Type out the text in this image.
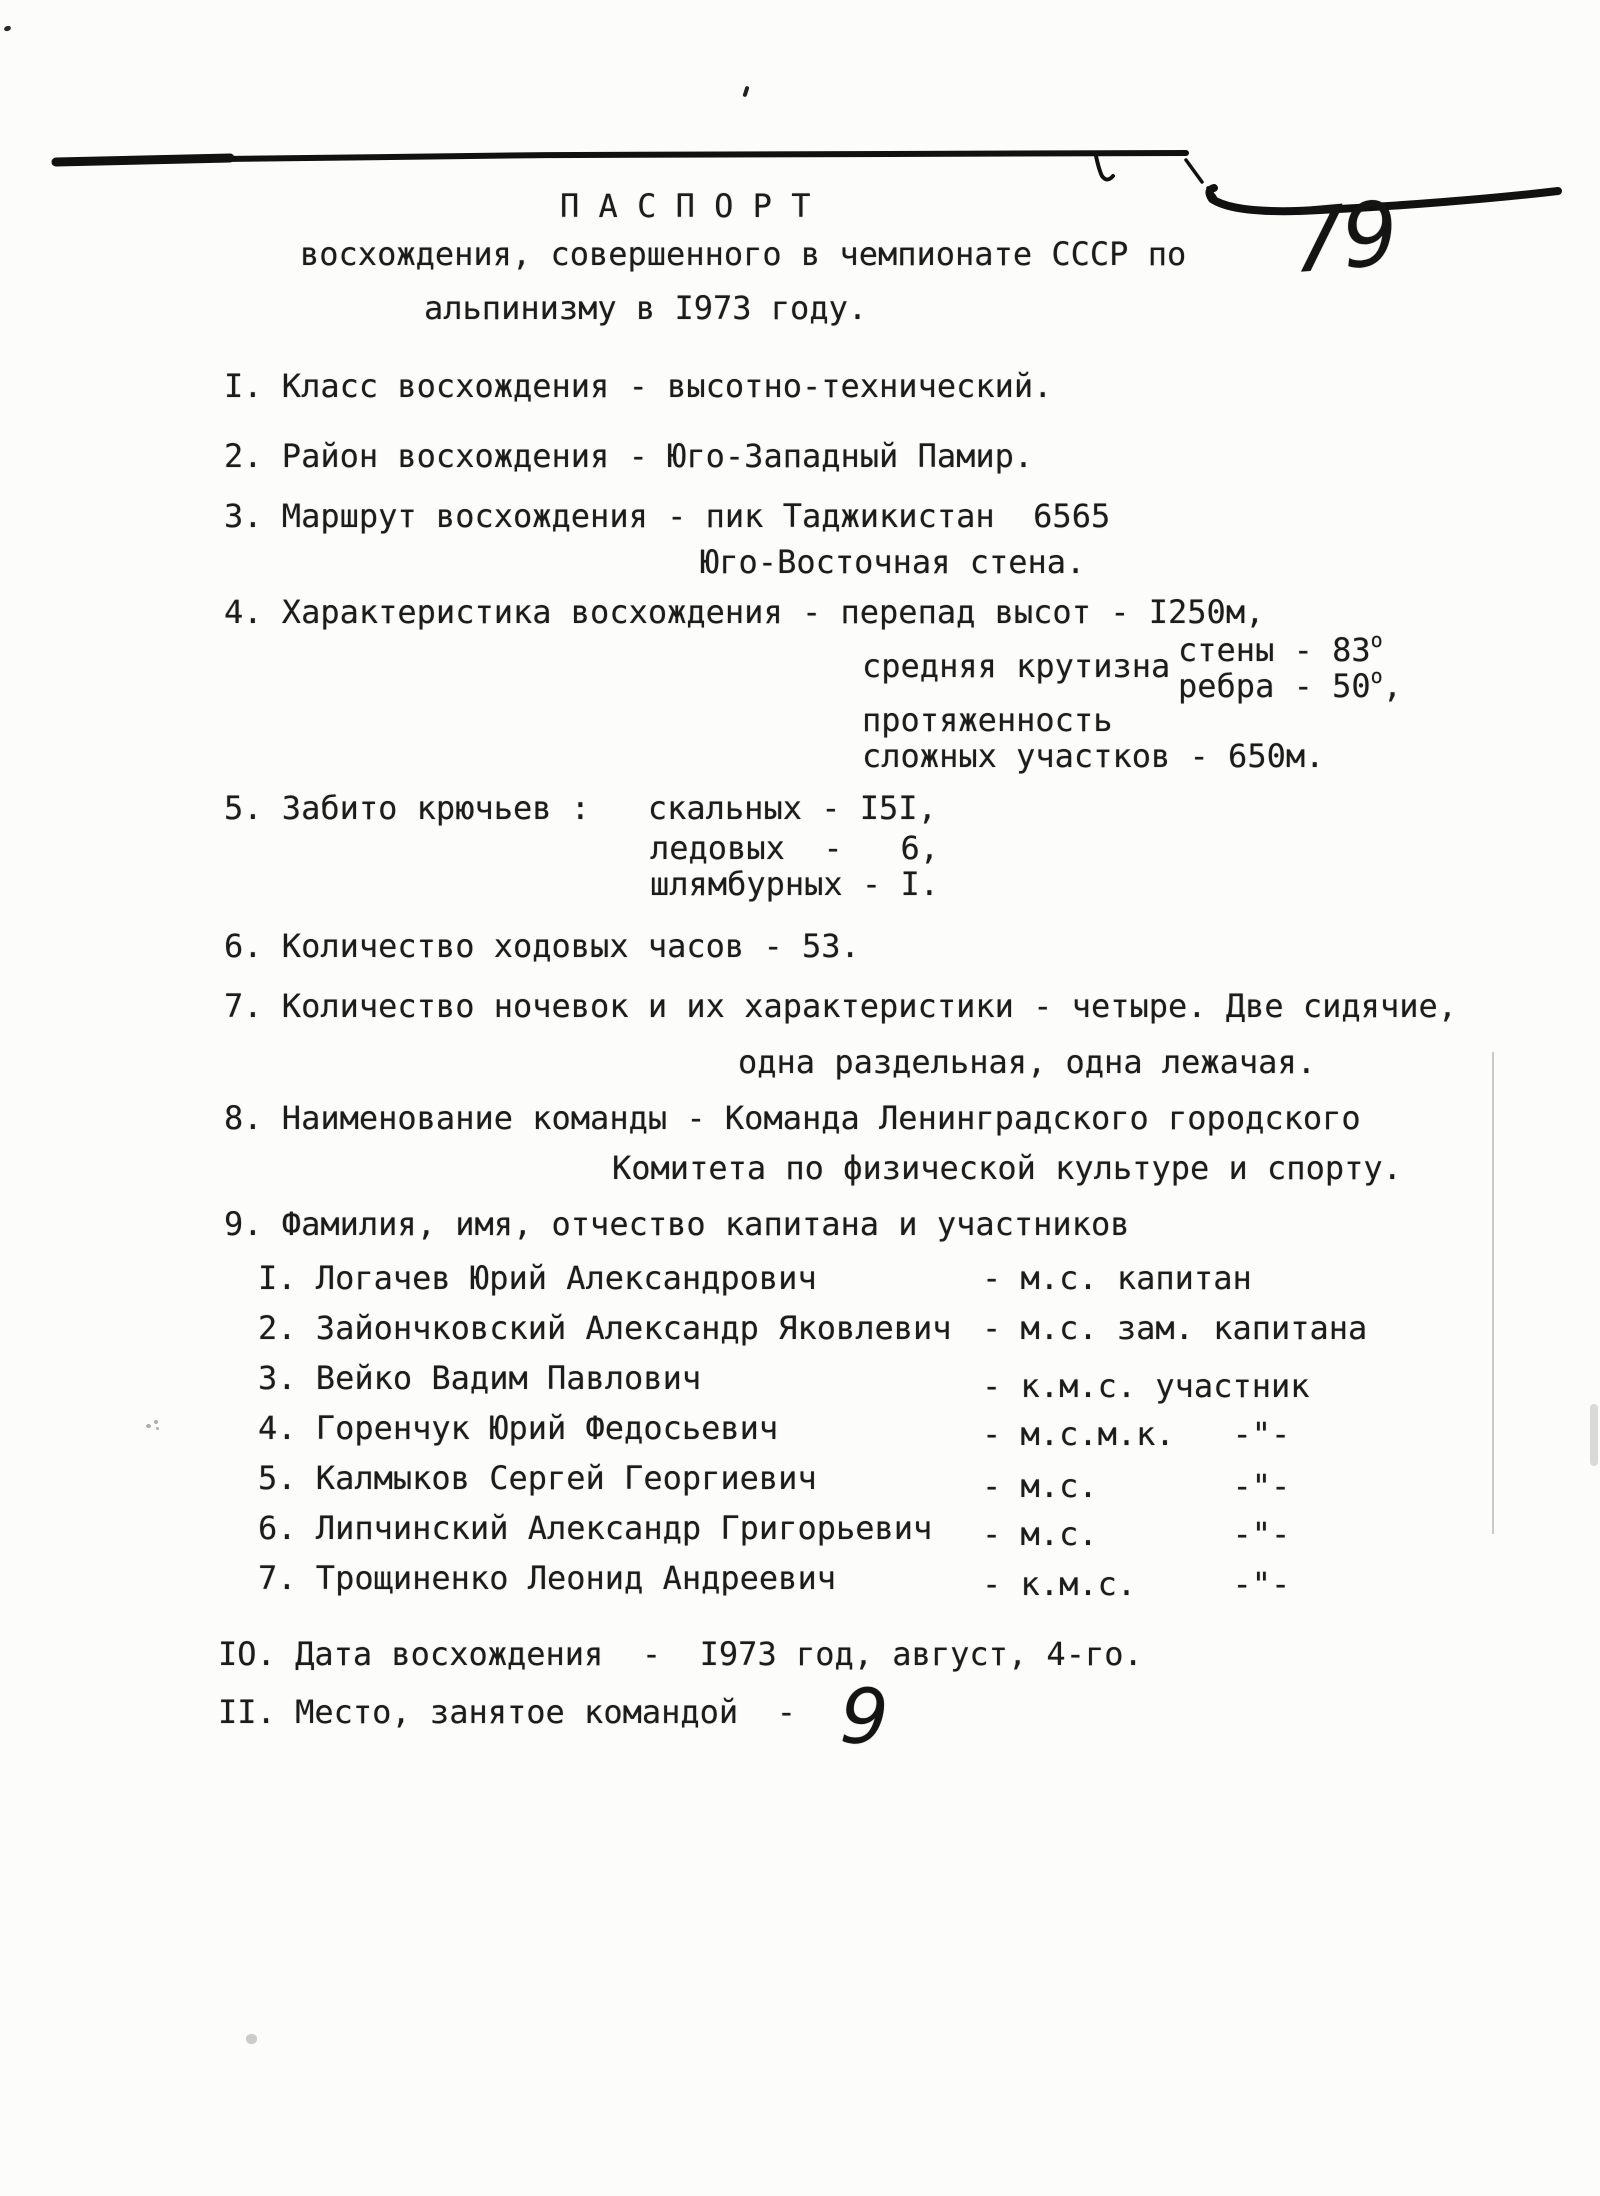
79
П А С П О Р Т
восхождения, совершенного в чемпионате СССР по
альпинизму в I973 году.
I. Класс восхождения - высотно-технический.
2. Район восхождения - Юго-Западный Памир.
3. Маршрут восхождения - пик Таджикистан  6565
Юго-Восточная стена.
4. Характеристика восхождения - перепад высот - I250м,
стены - $83^о$
средняя крутизна
ребра - $50^о$,
протяженность
сложных участков - 650м.
5. Забито крючьев :   скальных - I5I,
ледовых  -   6,
шлямбурных - I.
6. Количество ходовых часов - 53.
7. Количество ночевок и их характеристики - четыре. Две сидячие,
одна раздельная, одна лежачая.
8. Наименование команды - Команда Ленинградского городского
Комитета по физической культуре и спорту.
9. Фамилия, имя, отчество капитана и участников
I. Логачев Юрий Александрович	- м.с. капитан
2. Зайончковский Александр Яковлевич - м.с. зам. капитана
3. Вейко Вадим Павлович	- к.м.с. участник
4. Горенчук Юрий Федосьевич	- м.с.м.к.   -"-
5. Калмыков Сергей Георгиевич	- м.с.       -"-
6. Липчинский Александр Григорьевич - м.с.       -"-
7. Трощиненко Леонид Андреевич	- к.м.с.     -"-
IO. Дата восхождения  -  I973 год, август, 4-го.
II. Место, занятое командой  - 9
